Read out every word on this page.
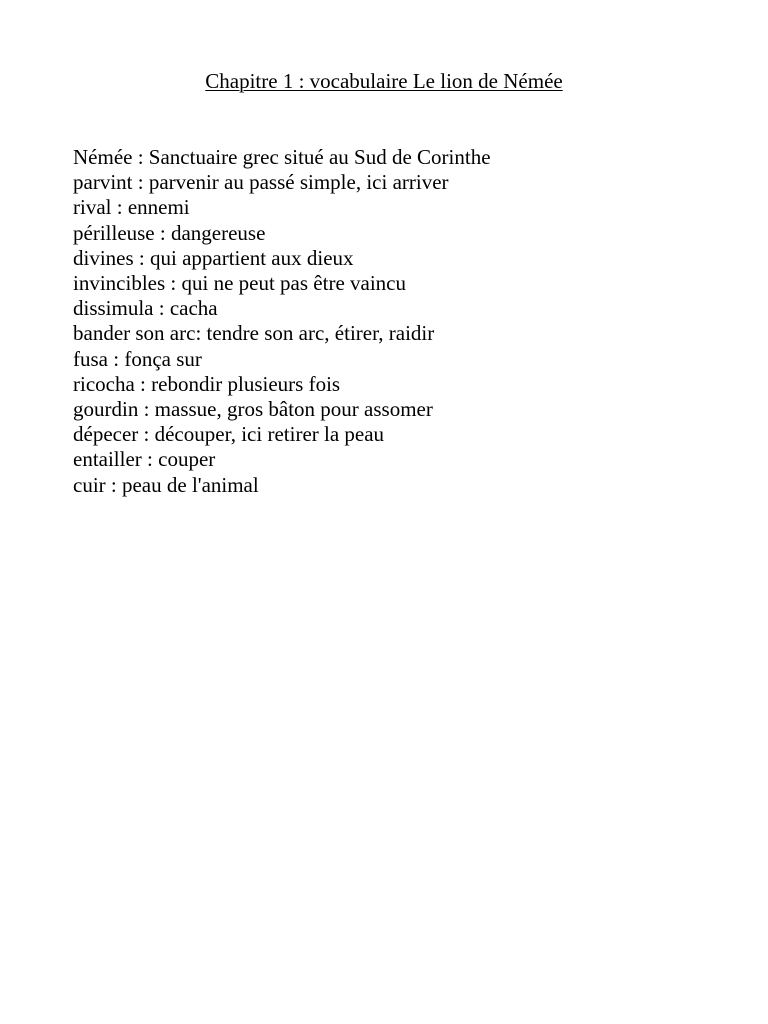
Chapitre 1 : vocabulaire Le lion de Némée
Némée : Sanctuaire grec situé au Sud de Corinthe
parvint : parvenir au passé simple, ici arriver
rival : ennemi
périlleuse : dangereuse
divines : qui appartient aux dieux
invincibles : qui ne peut pas être vaincu
dissimula : cacha
bander son arc: tendre son arc, étirer, raidir
fusa : fonça sur
ricocha : rebondir plusieurs fois
gourdin : massue, gros bâton pour assomer
dépecer : découper, ici retirer la peau
entailler : couper
cuir : peau de l'animal
